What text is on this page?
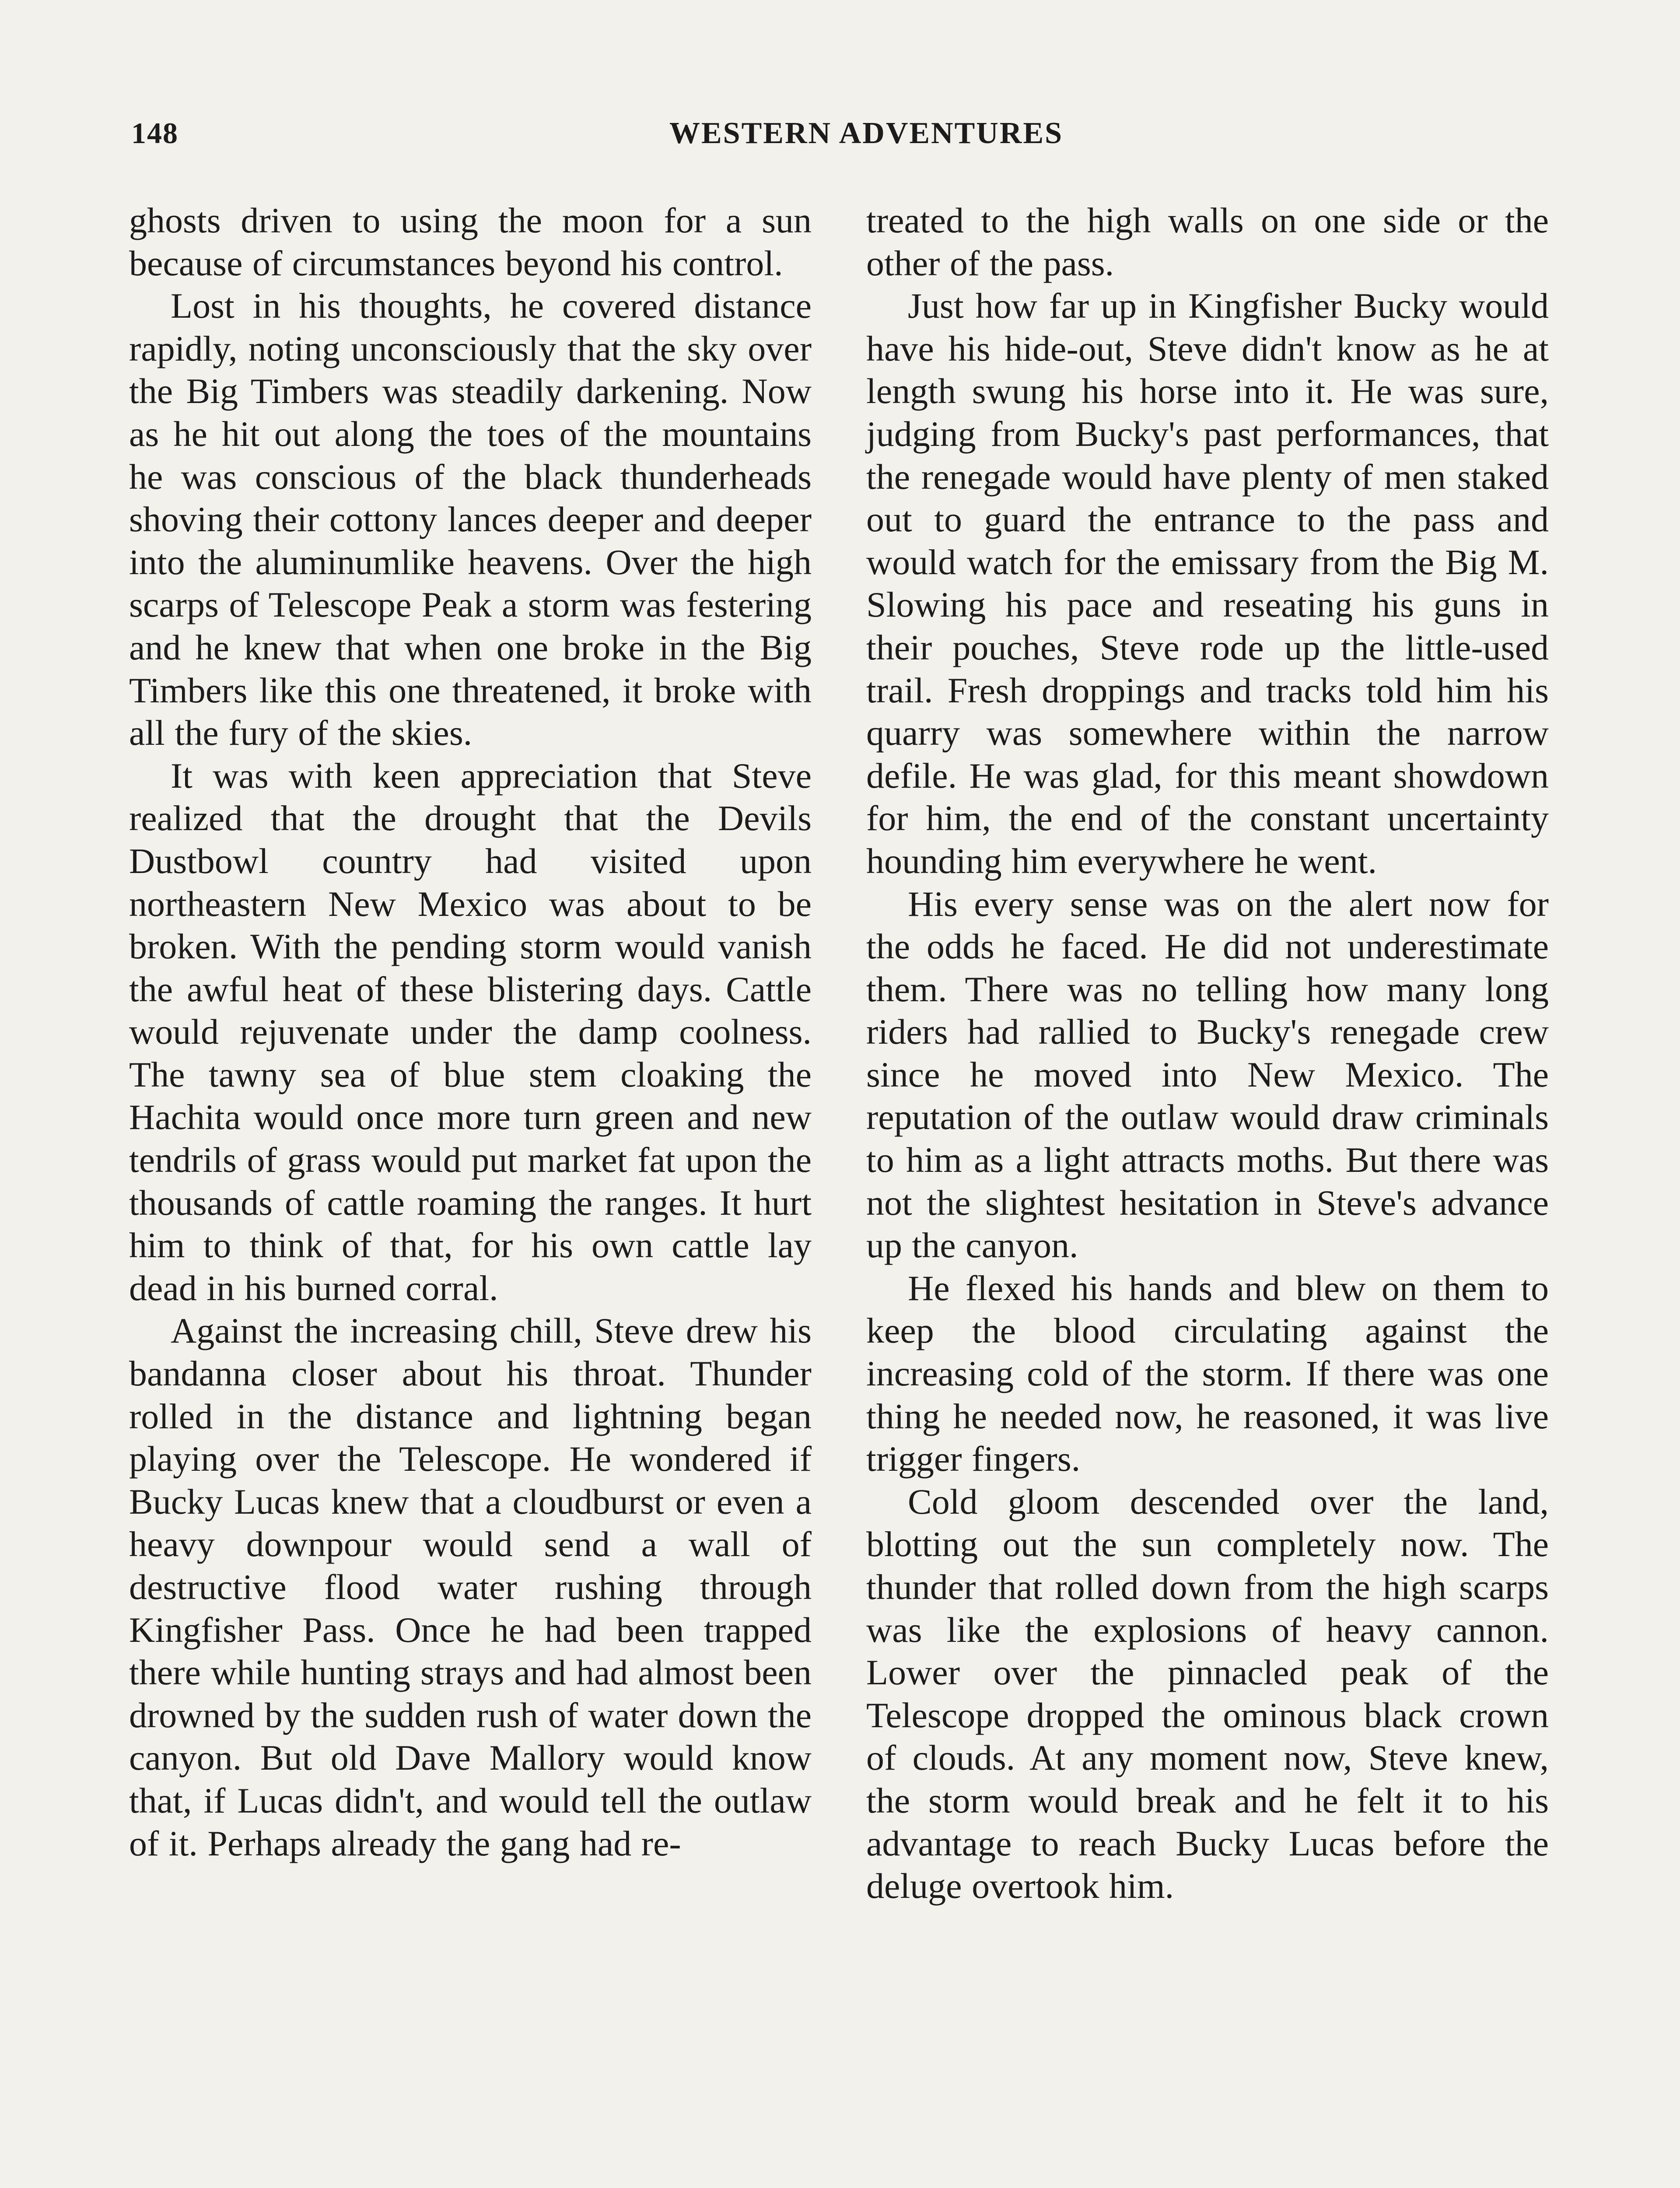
148	WESTERN ADVENTURES

ghosts driven to using the moon for a sun because of circumstances beyond his control.

Lost in his thoughts, he covered distance rapidly, noting unconsciously that the sky over the Big Timbers was steadily darkening. Now as he hit out along the toes of the mountains he was conscious of the black thunderheads shoving their cottony lances deeper and deeper into the aluminumlike heavens. Over the high scarps of Telescope Peak a storm was festering and he knew that when one broke in the Big Timbers like this one threatened, it broke with all the fury of the skies.

It was with keen appreciation that Steve realized that the drought that the Devils Dustbowl country had visited upon northeastern New Mexico was about to be broken. With the pending storm would vanish the awful heat of these blistering days. Cattle would rejuvenate under the damp coolness. The tawny sea of blue stem cloaking the Hachita would once more turn green and new tendrils of grass would put market fat upon the thousands of cattle roaming the ranges. It hurt him to think of that, for his own cattle lay dead in his burned corral.

Against the increasing chill, Steve drew his bandanna closer about his throat. Thunder rolled in the distance and lightning began playing over the Telescope. He wondered if Bucky Lucas knew that a cloudburst or even a heavy downpour would send a wall of destructive flood water rushing through Kingfisher Pass. Once he had been trapped there while hunting strays and had almost been drowned by the sudden rush of water down the canyon. But old Dave Mallory would know that, if Lucas didn't, and would tell the outlaw of it. Perhaps already the gang had re-

treated to the high walls on one side or the other of the pass.

Just how far up in Kingfisher Bucky would have his hide-out, Steve didn't know as he at length swung his horse into it. He was sure, judging from Bucky's past performances, that the renegade would have plenty of men staked out to guard the entrance to the pass and would watch for the emissary from the Big M. Slowing his pace and reseating his guns in their pouches, Steve rode up the little-used trail. Fresh droppings and tracks told him his quarry was somewhere within the narrow defile. He was glad, for this meant showdown for him, the end of the constant uncertainty hounding him everywhere he went.

His every sense was on the alert now for the odds he faced. He did not underestimate them. There was no telling how many long riders had rallied to Bucky's renegade crew since he moved into New Mexico. The reputation of the outlaw would draw criminals to him as a light attracts moths. But there was not the slightest hesitation in Steve's advance up the canyon.

He flexed his hands and blew on them to keep the blood circulating against the increasing cold of the storm. If there was one thing he needed now, he reasoned, it was live trigger fingers.

Cold gloom descended over the land, blotting out the sun completely now. The thunder that rolled down from the high scarps was like the explosions of heavy cannon. Lower over the pinnacled peak of the Telescope dropped the ominous black crown of clouds. At any moment now, Steve knew, the storm would break and he felt it to his advantage to reach Bucky Lucas before the deluge overtook him.
